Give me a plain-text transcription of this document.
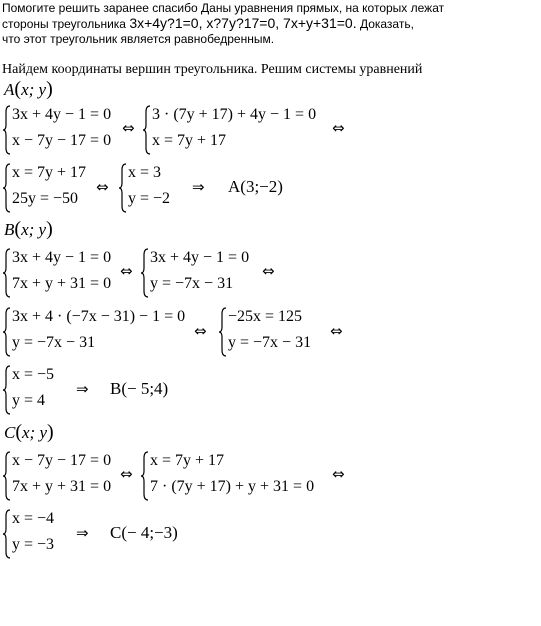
Помогите решить заранее спасибо Даны уравнения прямых, на которых лежат
стороны треугольника 3x+4y?1=0, x?7y?17=0, 7x+y+31=0. Доказать,
что этот треугольник является равнобедренным.
Найдем координаты вершин треугольника. Решим системы уравнений
A(x; y)
3x + 4y − 1 = 0
x − 7y − 17 = 0
⇔
3 · (7y + 17) + 4y − 1 = 0
x = 7y + 17
⇔
x = 7y + 17
25y = −50
⇔
x = 3
y = −2
⇒ A(3;−2)
B(x; y)
3x + 4y − 1 = 0
7x + y + 31 = 0
⇔
3x + 4y − 1 = 0
y = −7x − 31
⇔
3x + 4 · (−7x − 31) − 1 = 0
y = −7x − 31
⇔
−25x = 125
y = −7x − 31
⇔
x = −5
y = 4
⇒ B(− 5;4)
C(x; y)
x − 7y − 17 = 0
7x + y + 31 = 0
⇔
x = 7y + 17
7 · (7y + 17) + y + 31 = 0
⇔
x = −4
y = −3
⇒ C(− 4;−3)
